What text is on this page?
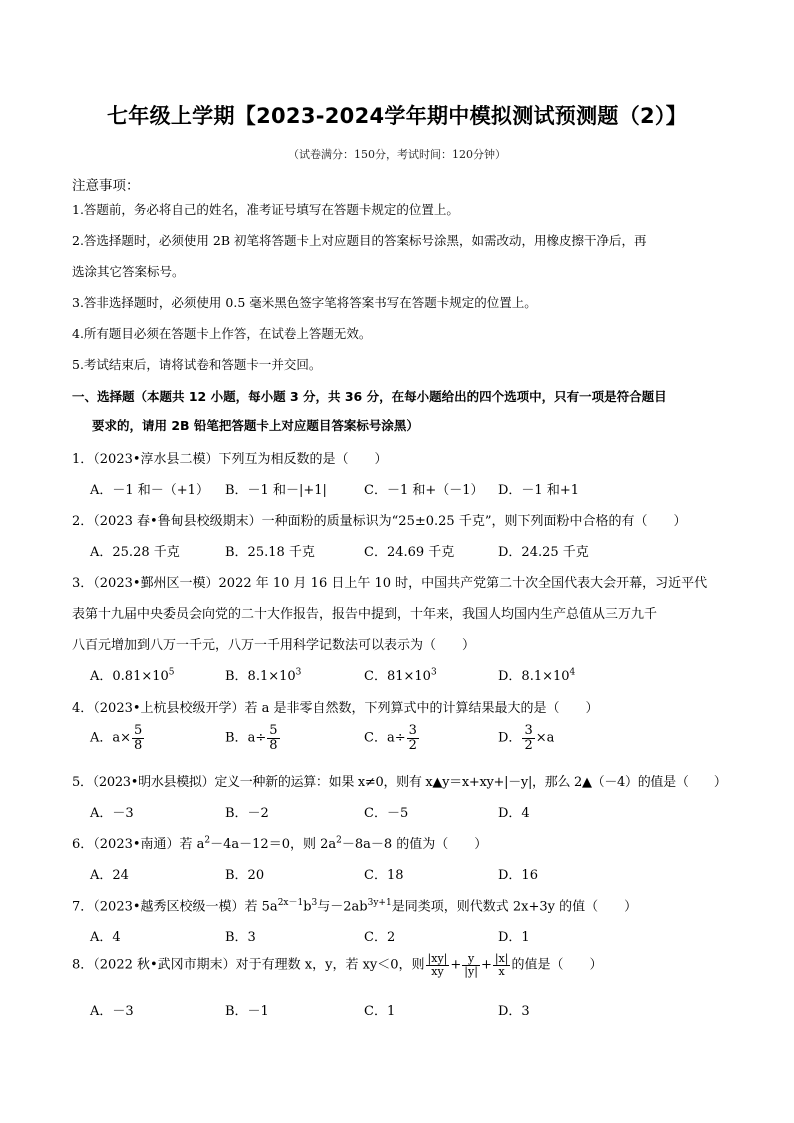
七年级上学期【2023-2024学年期中模拟测试预测题（2）】
（试卷满分：150分，考试时间：120分钟）
注意事项：
1.答题前，务必将自己的姓名，准考证号填写在答题卡规定的位置上。
2.答选择题时，必须使用 2B 初笔将答题卡上对应题目的答案标号涂黑，如需改动，用橡皮擦干净后，再
选涂其它答案标号。
3.答非选择题时，必须使用 0.5 毫米黑色签字笔将答案书写在答题卡规定的位置上。
4.所有题目必须在答题卡上作答，在试卷上答题无效。
5.考试结束后，请将试卷和答题卡一并交回。
一、选择题（本题共 12 小题，每小题 3 分，共 36 分，在每小题给出的四个选项中，只有一项是符合题目
要求的，请用 2B 铅笔把答题卡上对应题目答案标号涂黑）
1．（2023•淳水县二模）下列互为相反数的是（　　）
A．－1 和－（+1） B．－1 和－|+1|	C．－1 和+（－1） D．－1 和+1
2．（2023 春•鲁甸县校级期末）一种面粉的质量标识为“25±0.25 千克”，则下列面粉中合格的有（　　）
A．25.28 千克	B．25.18 千克	C．24.69 千克	D．24.25 千克
3．（2023•鄞州区一模）2022 年 10 月 16 日上午 10 时，中国共产党第二十次全国代表大会开幕，习近平代
表第十九届中央委员会向党的二十大作报告，报告中提到，十年来，我国人均国内生产总值从三万九千
八百元增加到八万一千元，八万一千用科学记数法可以表示为（　　）
A．$0.81\times 10^5$	B．$8.1\times 10^3$	C．$81\times 10^3$	D．$8.1\times 10^4$
4．（2023•上杭县校级开学）若 a 是非零自然数，下列算式中的计算结果最大的是（　　）
A．$a\times \frac{5}{8}$	B．$a\div \frac{5}{8}$	C．$a\div \frac{3}{2}$	D． $\frac{3}{2} \times a$
5．（2023•明水县模拟）定义一种新的运算：如果 x≠0，则有 x▲y＝x+xy+|－y|，那么 2▲（－4）的值是（　　）
A．－3	B．－2	C．－5	D．4
6．（2023•南通）若 $a^2-4a-12=0$，则 $2a^2-8a-8$ 的值为（　　）
A．24	B．20	C．18	D．16
7．（2023•越秀区校级一模）若 $5a^{2x-1}b^3$与$-2ab^{3y+1}$是同类项，则代数式 2x+3y 的值（　　）
A．4	B．3	C．2	D．1
8．（2022 秋•武冈市期末）对于有理数 x，y，若 xy＜0，则 $\frac{|xy|}{xy} + \frac{y}{|y|} + \frac{|x|}{x}$ 的值是（　　）
A．－3	B．－1	C．1	D．3
